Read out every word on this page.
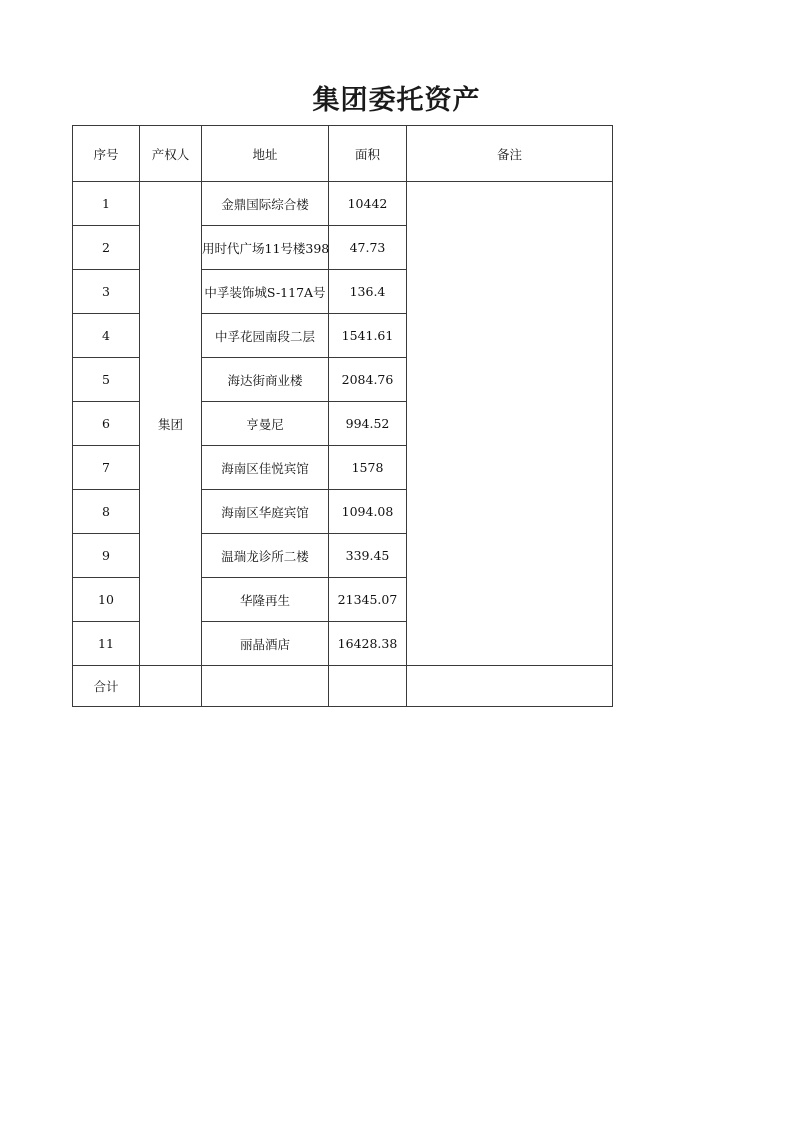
集团委托资产
序号	产权人	地址	面积	备注
1	集团	金鼎国际综合楼	10442	
2		用时代广场11号楼398	47.73	
3		中孚装饰城S-117A号	136.4	
4		中孚花园南段二层	1541.61	
5		海达街商业楼	2084.76	
6		亨曼尼	994.52	
7		海南区佳悦宾馆	1578	
8		海南区华庭宾馆	1094.08	
9		温瑞龙诊所二楼	339.45	
10		华隆再生	21345.07	
11		丽晶酒店	16428.38	
合计				
